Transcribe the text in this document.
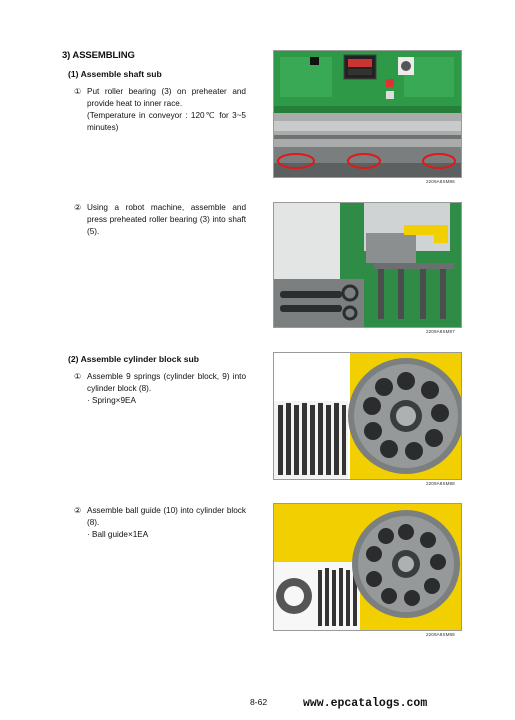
3) ASSEMBLING
(1) Assemble shaft sub
① Put roller bearing (3) on preheater and provide heat to inner race.
(Temperature in conveyor : 120℃ for 3~5 minutes)
2209A8SM86
② Using a robot machine, assemble and press preheated roller bearing (3) into shaft (5).
2209A8SM87
(2) Assemble cylinder block sub
① Assemble 9 springs (cylinder block, 9) into cylinder block (8).
· Spring×9EA
2209A8SM88
② Assemble ball guide (10) into cylinder block (8).
· Ball guide×1EA
2209A8SM89
8-62	www.epcatalogs.com
